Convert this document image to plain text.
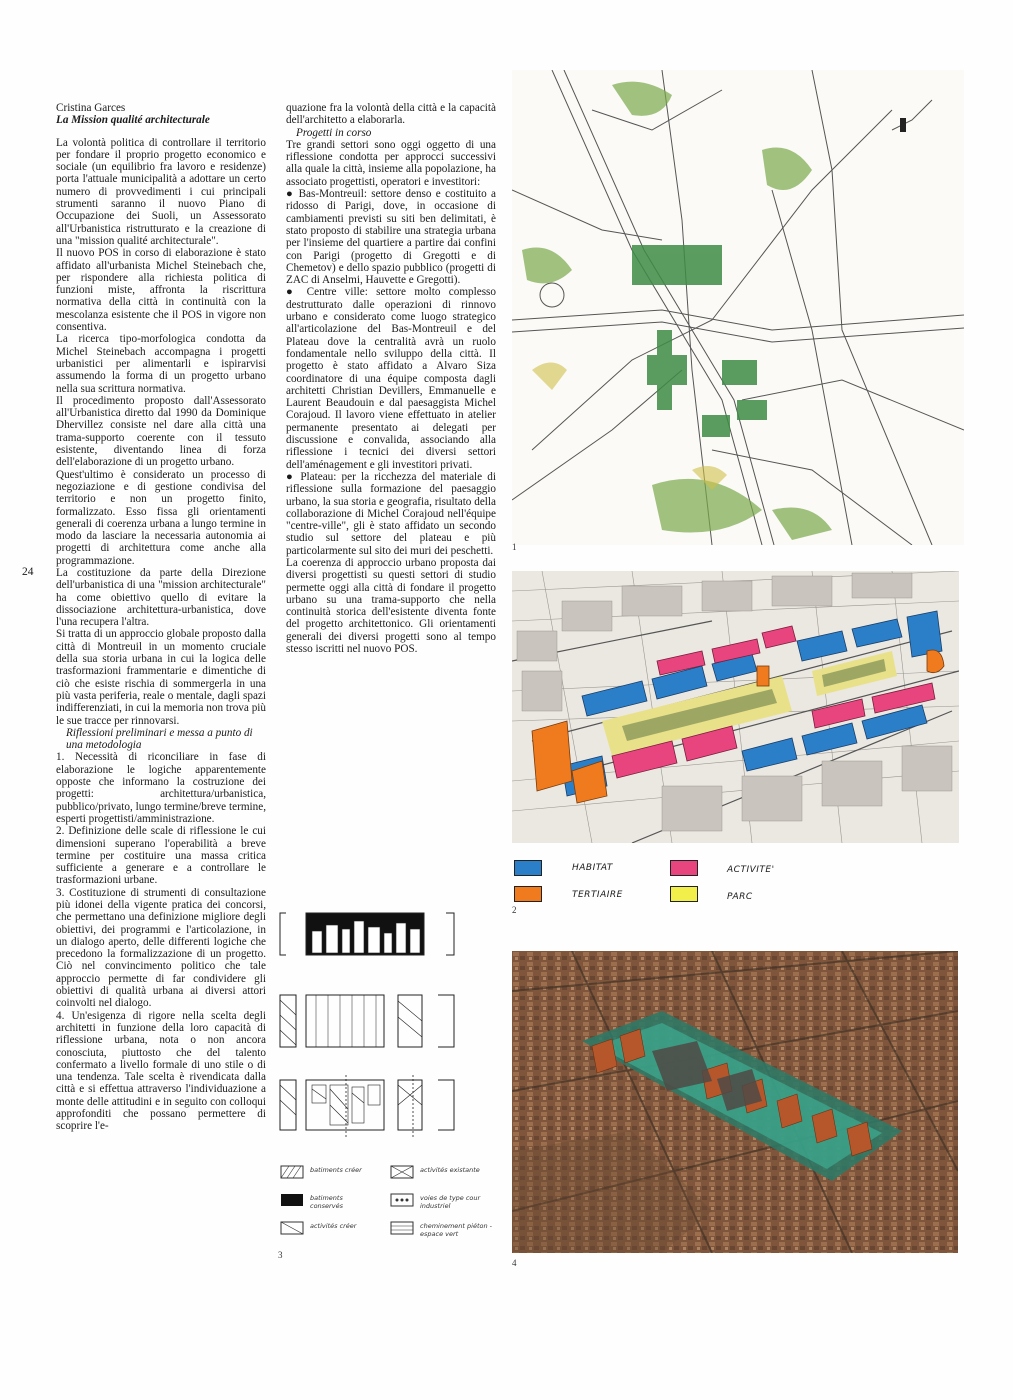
Cristina Garces

La Mission qualité architecturale

La volontà politica di controllare il territorio per fondare il proprio progetto economico e sociale (un equilibrio fra lavoro e residenze) porta l'attuale municipalità a adottare un certo numero di provvedimenti i cui principali strumenti saranno il nuovo Piano di Occupazione dei Suoli, un Assessorato all'Urbanistica ristrutturato e la creazione di una "mission qualité architecturale".

Il nuovo POS in corso di elaborazione è stato affidato all'urbanista Michel Steinebach che, per rispondere alla richiesta politica di funzioni miste, affronta la riscrittura normativa della città in continuità con la mescolanza esistente che il POS in vigore non consentiva.

La ricerca tipo-morfologica condotta da Michel Steinebach accompagna i progetti urbanistici per alimentarli e ispirarvisi assumendo la forma di un progetto urbano nella sua scrittura normativa.

Il procedimento proposto dall'Assessorato all'Urbanistica diretto dal 1990 da Dominique Dhervillez consiste nel dare alla città una trama-supporto coerente con il tessuto esistente, diventando linea di forza dell'elaborazione di un progetto urbano.

Quest'ultimo è considerato un processo di negoziazione e di gestione condivisa del territorio e non un progetto finito, formalizzato. Esso fissa gli orientamenti generali di coerenza urbana a lungo termine in modo da lasciare la necessaria autonomia ai progetti di architettura come anche alla programmazione.

La costituzione da parte della Direzione dell'urbanistica di una "mission architecturale" ha come obiettivo quello di evitare la dissociazione architettura-urbanistica, dove l'una recupera l'altra.

Si tratta di un approccio globale proposto dalla città di Montreuil in un momento cruciale della sua storia urbana in cui la logica delle trasformazioni frammentarie e dimentiche di ciò che esiste rischia di sommergerla in una più vasta periferia, reale o mentale, dagli spazi indifferenziati, in cui la memoria non trova più le sue tracce per rinnovarsi.

Riflessioni preliminari e messa a punto di una metodologia

1. Necessità di riconciliare in fase di elaborazione le logiche apparentemente opposte che informano la costruzione dei progetti: architettura/urbanistica, pubblico/privato, lungo termine/breve termine, esperti progettisti/amministrazione.

2. Definizione delle scale di riflessione le cui dimensioni superano l'operabilità a breve termine per costituire una massa critica sufficiente a generare e a controllare le trasformazioni urbane.

3. Costituzione di strumenti di consultazione più idonei della vigente pratica dei concorsi, che permettano una definizione migliore degli obiettivi, dei programmi e l'articolazione, in un dialogo aperto, delle differenti logiche che precedono la formalizzazione di un progetto. Ciò nel convincimento politico che tale approccio permette di far condividere gli obiettivi di qualità urbana ai diversi attori coinvolti nel dialogo.

4. Un'esigenza di rigore nella scelta degli architetti in funzione della loro capacità di riflessione urbana, nota o non ancora conosciuta, piuttosto che del talento confermato a livello formale di uno stile o di una tendenza. Tale scelta è rivendicata dalla città e si effettua attraverso l'individuazione a monte delle attitudini e in seguito con colloqui approfonditi che possano permettere di scoprire l'e-

quazione fra la volontà della città e la capacità dell'architetto a elaborarla.

Progetti in corso

Tre grandi settori sono oggi oggetto di una riflessione condotta per approcci successivi alla quale la città, insieme alla popolazione, ha associato progettisti, operatori e investitori:

● Bas-Montreuil: settore denso e costituito a ridosso di Parigi, dove, in occasione di cambiamenti previsti su siti ben delimitati, è stato proposto di stabilire una strategia urbana per l'insieme del quartiere a partire dai confini con Parigi (progetto di Gregotti e di Chemetov) e dello spazio pubblico (progetti di ZAC di Anselmi, Hauvette e Gregotti).

● Centre ville: settore molto complesso destrutturato dalle operazioni di rinnovo urbano e considerato come luogo strategico all'articolazione del Bas-Montreuil e del Plateau dove la centralità avrà un ruolo fondamentale nello sviluppo della città. Il progetto è stato affidato a Alvaro Siza coordinatore di una équipe composta dagli architetti Christian Devillers, Emmanuelle e Laurent Beaudouin e dal paesaggista Michel Corajoud. Il lavoro viene effettuato in atelier permanente presentato ai delegati per discussione e convalida, associando alla riflessione i tecnici dei diversi settori dell'aménagement e gli investitori privati.

● Plateau: per la ricchezza del materiale di riflessione sulla formazione del paesaggio urbano, la sua storia e geografia, risultato della collaborazione di Michel Corajoud nell'équipe "centre-ville", gli è stato affidato un secondo studio sul settore del plateau e più particolarmente sul sito dei muri dei peschetti.

La coerenza di approccio urbano proposta dai diversi progettisti su questi settori di studio permette oggi alla città di fondare il progetto urbano su una trama-supporto che nella continuità storica dell'esistente diventa fonte del progetto architettonico. Gli orientamenti generali dei diversi progetti sono al tempo stesso iscritti nel nuovo POS.

24
1
2
HABITAT
TERTIAIRE
ACTIVITE'
PARC
3
batiments créer
batiments conservés
activités créer
activités existante
voies de type cour industriel
cheminement piéton - espace vert
4
